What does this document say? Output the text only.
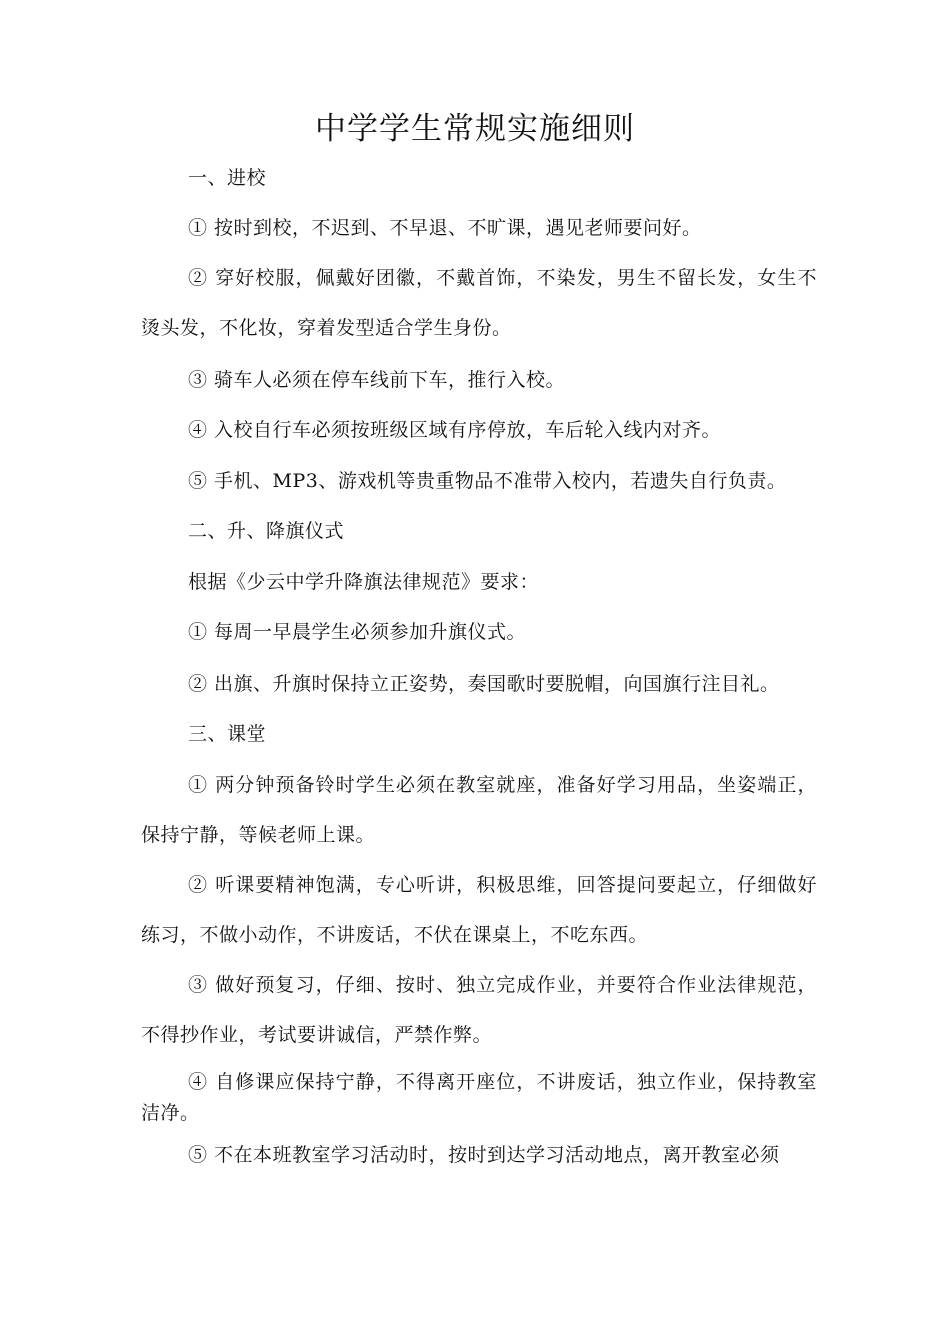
中学学生常规实施细则
一、进校
① 按时到校，不迟到、不早退、不旷课，遇见老师要问好。
② 穿好校服，佩戴好团徽，不戴首饰，不染发，男生不留长发，女生不烫头发，不化妆，穿着发型适合学生身份。
③ 骑车人必须在停车线前下车，推行入校。
④ 入校自行车必须按班级区域有序停放，车后轮入线内对齐。
⑤ 手机、MP3、游戏机等贵重物品不准带入校内，若遗失自行负责。
二、升、降旗仪式
根据《少云中学升降旗法律规范》要求：
① 每周一早晨学生必须参加升旗仪式。
② 出旗、升旗时保持立正姿势，奏国歌时要脱帽，向国旗行注目礼。
三、课堂
① 两分钟预备铃时学生必须在教室就座，准备好学习用品，坐姿端正，保持宁静，等候老师上课。
② 听课要精神饱满，专心听讲，积极思维，回答提问要起立，仔细做好练习，不做小动作，不讲废话，不伏在课桌上，不吃东西。
③ 做好预复习，仔细、按时、独立完成作业，并要符合作业法律规范，不得抄作业，考试要讲诚信，严禁作弊。
④ 自修课应保持宁静，不得离开座位，不讲废话，独立作业，保持教室洁净。
⑤ 不在本班教室学习活动时，按时到达学习活动地点，离开教室必须
